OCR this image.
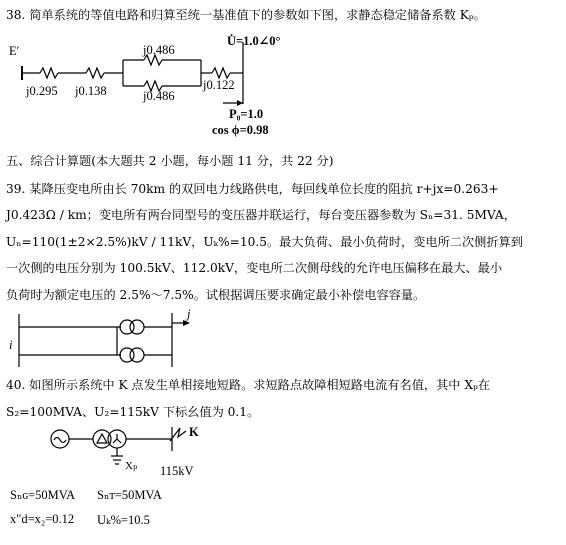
38. 简单系统的等值电路和归算至统一基准值下的参数如下图，求静态稳定储备系数 Kₚ。
E′
U̇=1.0∠0°
j0.295 j0.138
j0.486
j0.486
j0.122
P₀=1.0
cos ϕ=0.98
五、综合计算题(本大题共 2 小题，每小题 11 分，共 22 分)
39. 某降压变电所由长 70km 的双回电力线路供电，每回线单位长度的阻抗 r+jx=0.263+
J0.423Ω / km；变电所有两台同型号的变压器并联运行，每台变压器参数为 Sₙ=31. 5MVA，
Uₙ=110(1±2×2.5%)kV / 11kV，Uₖ%=10.5。最大负荷、最小负荷时，变电所二次侧折算到
一次侧的电压分别为 100.5kV、112.0kV，变电所二次侧母线的允许电压偏移在最大、最小
负荷时为额定电压的 2.5%～7.5%。试根据调压要求确定最小补偿电容容量。
i
j
40. 如图所示系统中 K 点发生单相接地短路。求短路点故障相短路电流有名值，其中 Xₚ在
S₂=100MVA、U₂=115kV 下标幺值为 0.1。
K
Xₚ 115kV
Sₙɢ=50MVA Sₙᴛ=50MVA
x"d=x₂=0.12 Uₖ%=10.5
